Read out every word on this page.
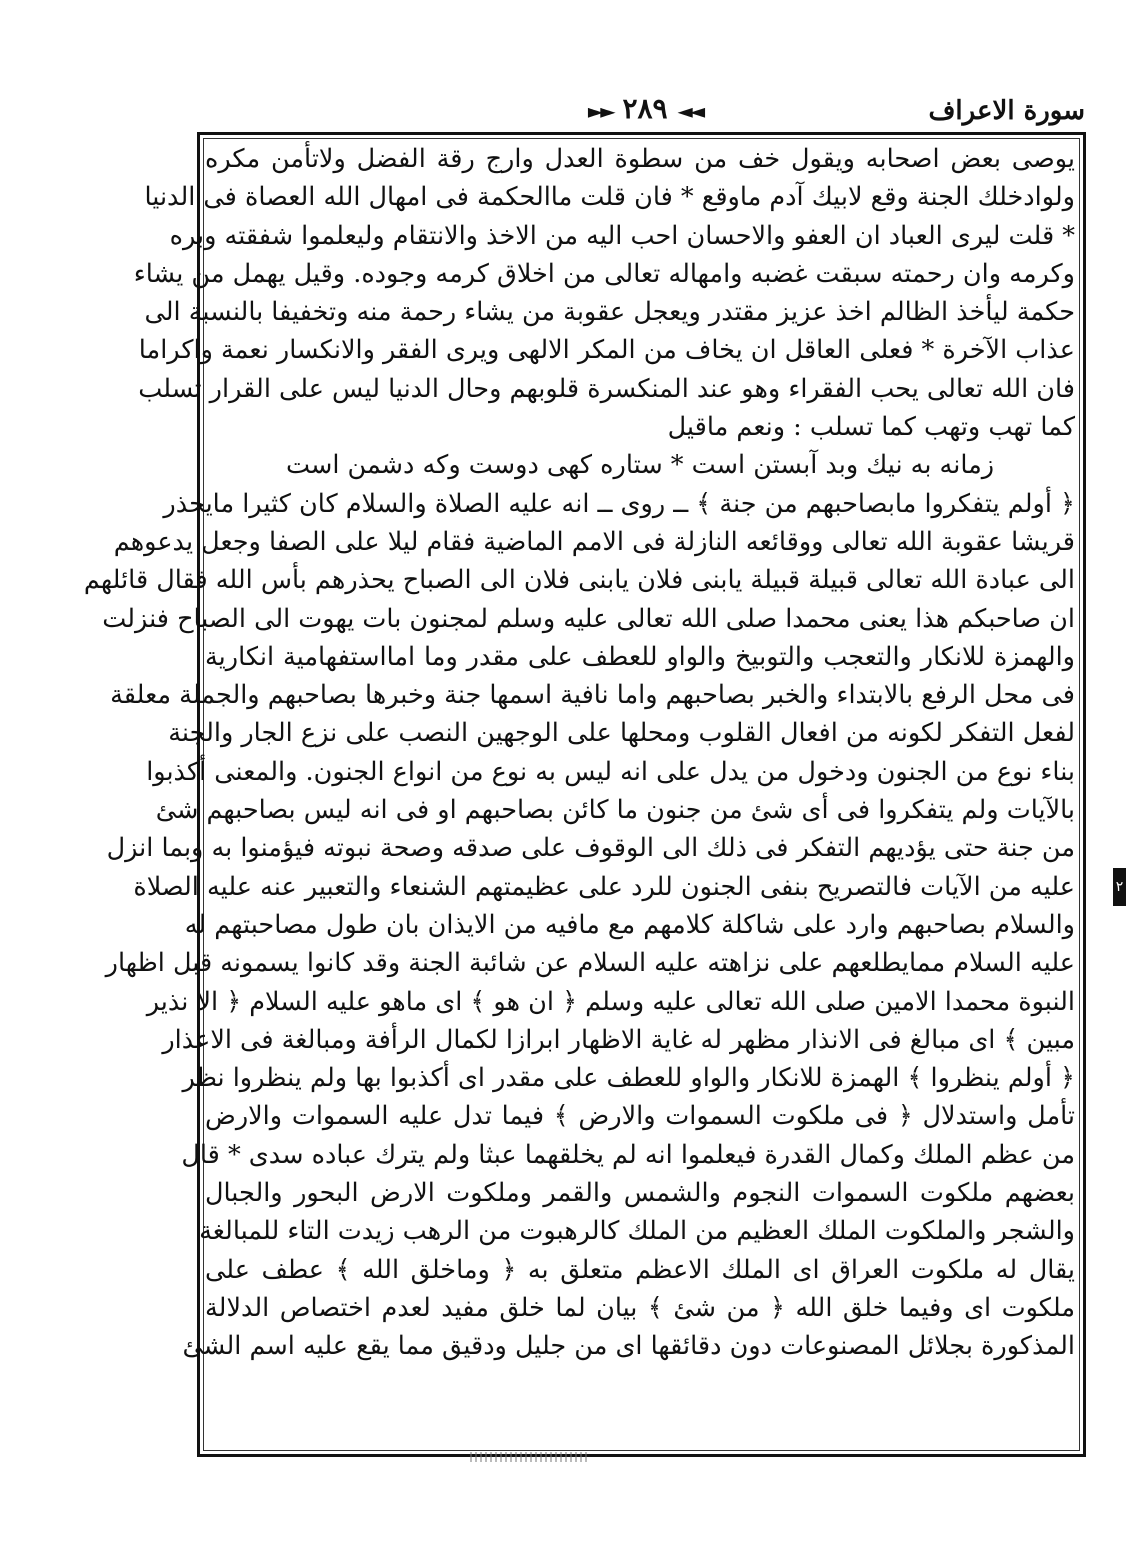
سورة الاعراف
◄◄ ٢٨٩ ►►
يوصى بعض اصحابه ويقول خف من سطوة العدل وارج رقة الفضل ولاتأمن مكره
ولوادخلك الجنة وقع لابيك آدم ماوقع * فان قلت ماالحكمة فى امهال الله العصاة فى الدنيا
* قلت ليرى العباد ان العفو والاحسان احب اليه من الاخذ والانتقام وليعلموا شفقته وبره
وكرمه وان رحمته سبقت غضبه وامهاله تعالى من اخلاق كرمه وجوده. وقيل يهمل من يشاء
حكمة ليأخذ الظالم اخذ عزيز مقتدر ويعجل عقوبة من يشاء رحمة منه وتخفيفا بالنسبة الى
عذاب الآخرة * فعلى العاقل ان يخاف من المكر الالهى ويرى الفقر والانكسار نعمة واكراما
فان الله تعالى يحب الفقراء وهو عند المنكسرة قلوبهم وحال الدنيا ليس على القرار تسلب
كما تهب وتهب كما تسلب : ونعم ماقيل
زمانه به نيك وبد آبستن است * ستاره كهى دوست وكه دشمن است
﴿ أولم يتفكروا مابصاحبهم من جنة ﴾ ــ روى ــ انه عليه الصلاة والسلام كان كثيرا مايحذر
قريشا عقوبة الله تعالى ووقائعه النازلة فى الامم الماضية فقام ليلا على الصفا وجعل يدعوهم
الى عبادة الله تعالى قبيلة قبيلة يابنى فلان يابنى فلان الى الصباح يحذرهم بأس الله فقال قائلهم
ان صاحبكم هذا يعنى محمدا صلى الله تعالى عليه وسلم لمجنون بات يهوت الى الصباح فنزلت
والهمزة للانكار والتعجب والتوبيخ والواو للعطف على مقدر وما امااستفهامية انكارية
فى محل الرفع بالابتداء والخبر بصاحبهم واما نافية اسمها جنة وخبرها بصاحبهم والجملة معلقة
لفعل التفكر لكونه من افعال القلوب ومحلها على الوجهين النصب على نزع الجار والجنة
بناء نوع من الجنون ودخول من يدل على انه ليس به نوع من انواع الجنون. والمعنى أكذبوا
بالآيات ولم يتفكروا فى أى شئ من جنون ما كائن بصاحبهم او فى انه ليس بصاحبهم شئ
من جنة حتى يؤديهم التفكر فى ذلك الى الوقوف على صدقه وصحة نبوته فيؤمنوا به وبما انزل
عليه من الآيات فالتصريح بنفى الجنون للرد على عظيمتهم الشنعاء والتعبير عنه عليه الصلاة
والسلام بصاحبهم وارد على شاكلة كلامهم مع مافيه من الايذان بان طول مصاحبتهم له
عليه السلام ممايطلعهم على نزاهته عليه السلام عن شائبة الجنة وقد كانوا يسمونه قبل اظهار
النبوة محمدا الامين صلى الله تعالى عليه وسلم ﴿ ان هو ﴾ اى ماهو عليه السلام ﴿ الا نذير
مبين ﴾ اى مبالغ فى الانذار مظهر له غاية الاظهار ابرازا لكمال الرأفة ومبالغة فى الاعذار
﴿ أولم ينظروا ﴾ الهمزة للانكار والواو للعطف على مقدر اى أكذبوا بها ولم ينظروا نظر
تأمل واستدلال ﴿ فى ملكوت السموات والارض ﴾ فيما تدل عليه السموات والارض
من عظم الملك وكمال القدرة فيعلموا انه لم يخلقهما عبثا ولم يترك عباده سدى * قال
بعضهم ملكوت السموات النجوم والشمس والقمر وملكوت الارض البحور والجبال
والشجر والملكوت الملك العظيم من الملك كالرهبوت من الرهب زيدت التاء للمبالغة
يقال له ملكوت العراق اى الملك الاعظم متعلق به ﴿ وماخلق الله ﴾ عطف على
ملكوت اى وفيما خلق الله ﴿ من شئ ﴾ بيان لما خلق مفيد لعدم اختصاص الدلالة
المذكورة بجلائل المصنوعات دون دقائقها اى من جليل ودقيق مما يقع عليه اسم الشئ
٢
